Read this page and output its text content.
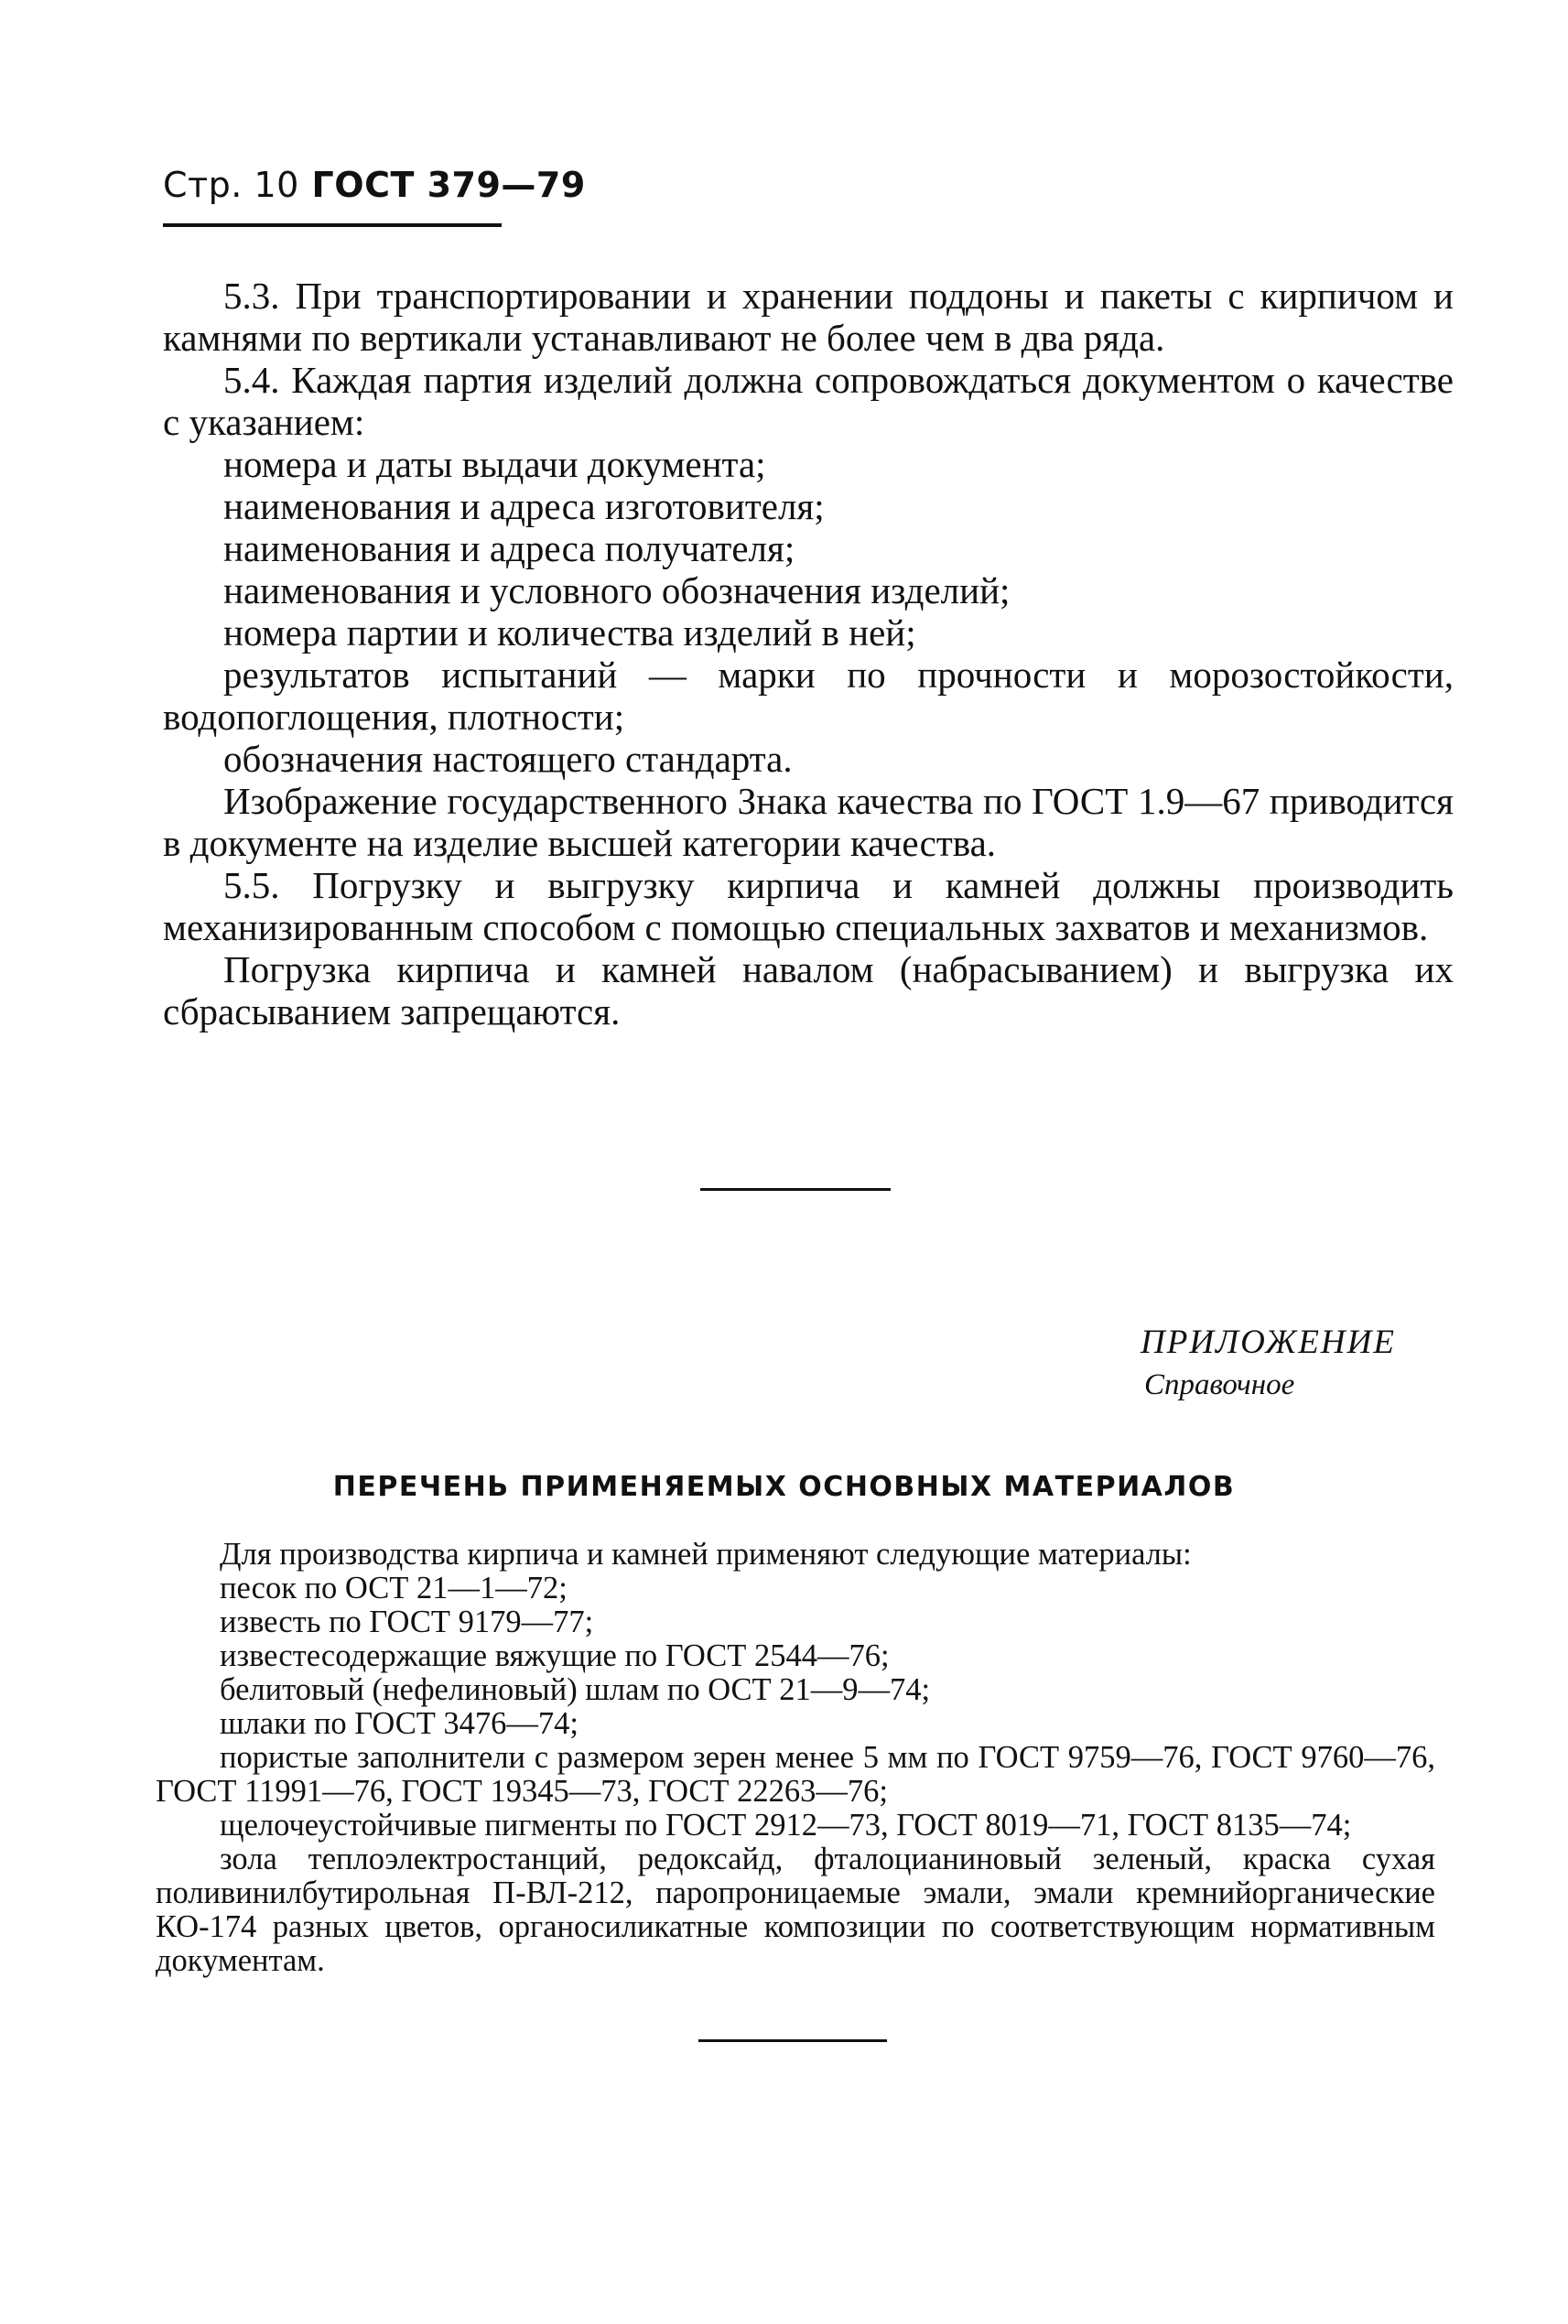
Стр. 10 ГОСТ 379—79

5.3. При транспортировании и хранении поддоны и пакеты с кирпичом и камнями по вертикали устанавливают не более чем в два ряда.

5.4. Каждая партия изделий должна сопровождаться документом о качестве с указанием:

номера и даты выдачи документа;

наименования и адреса изготовителя;

наименования и адреса получателя;

наименования и условного обозначения изделий;

номера партии и количества изделий в ней;

результатов испытаний — марки по прочности и морозостойкости, водопоглощения, плотности;

обозначения настоящего стандарта.

Изображение государственного Знака качества по ГОСТ 1.9—67 приводится в документе на изделие высшей категории качества.

5.5. Погрузку и выгрузку кирпича и камней должны производить механизированным способом с помощью специальных захватов и механизмов.

Погрузка кирпича и камней навалом (набрасыванием) и выгрузка их сбрасыванием запрещаются.

ПРИЛОЖЕНИЕ
Справочное
ПЕРЕЧЕНЬ ПРИМЕНЯЕМЫХ ОСНОВНЫХ МАТЕРИАЛОВ

Для производства кирпича и камней применяют следующие материалы:

песок по ОСТ 21—1—72;

известь по ГОСТ 9179—77;

известесодержащие вяжущие по ГОСТ 2544—76;

белитовый (нефелиновый) шлам по ОСТ 21—9—74;

шлаки по ГОСТ 3476—74;

пористые заполнители с размером зерен менее 5 мм по ГОСТ 9759—76, ГОСТ 9760—76, ГОСТ 11991—76, ГОСТ 19345—73, ГОСТ 22263—76;

щелочеустойчивые пигменты по ГОСТ 2912—73, ГОСТ 8019—71, ГОСТ 8135—74;

зола теплоэлектростанций, редоксайд, фталоцианиновый зеленый, краска сухая поливинилбутирольная П-ВЛ-212, паропроницаемые эмали, эмали кремнийорганические КО-174 разных цветов, органосиликатные композиции по соответствующим нормативным документам.
